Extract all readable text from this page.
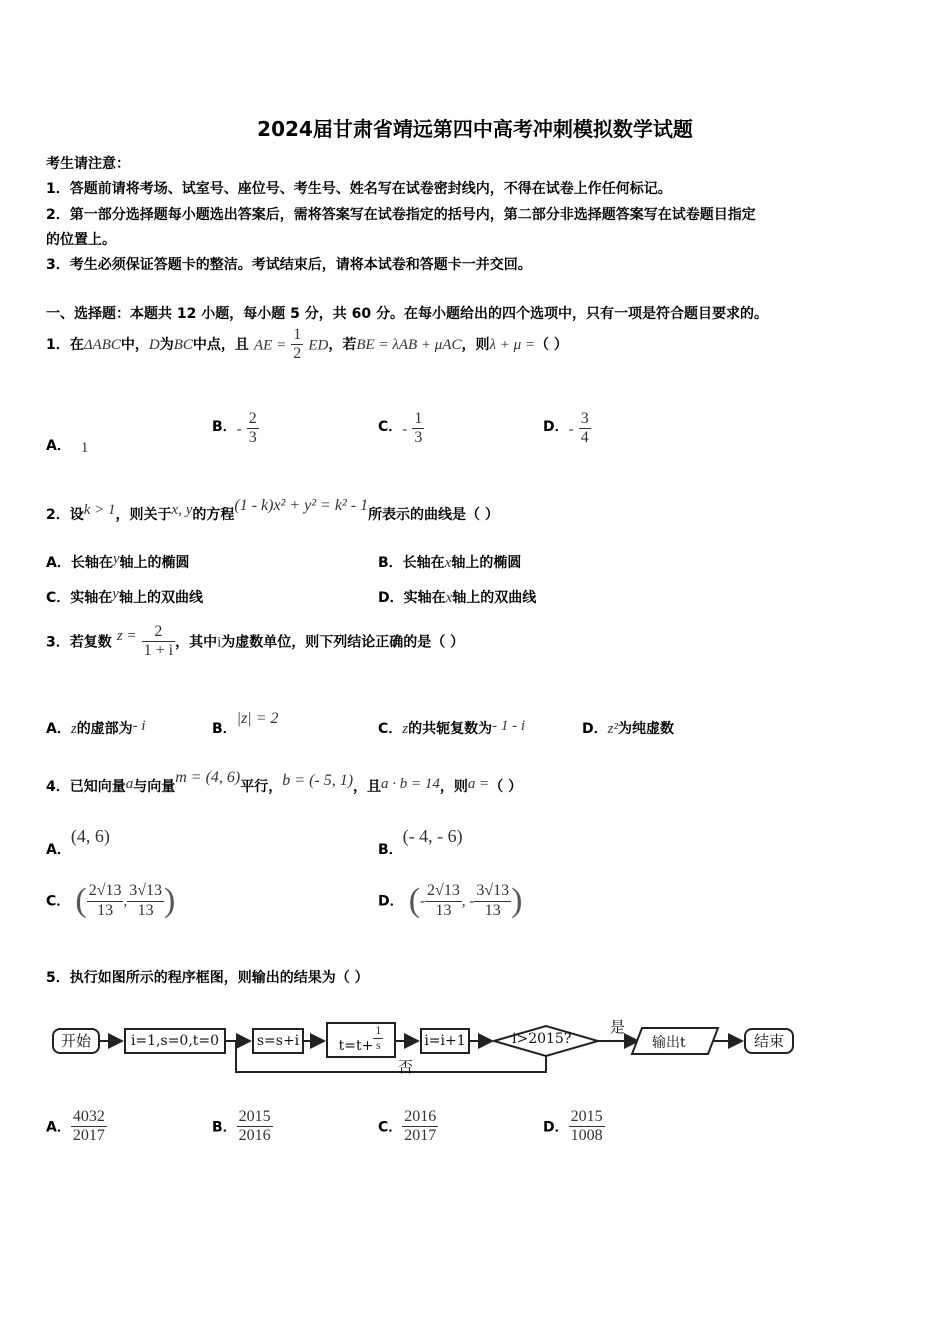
2024届甘肃省靖远第四中高考冲刺模拟数学试题
考生请注意：
1．答题前请将考场、试室号、座位号、考生号、姓名写在试卷密封线内，不得在试卷上作任何标记。
2．第一部分选择题每小题选出答案后，需将答案写在试卷指定的括号内，第二部分非选择题答案写在试卷题目指定
的位置上。
3．考生必须保证答题卡的整洁。考试结束后，请将本试卷和答题卡一并交回。
一、选择题：本题共 12 小题，每小题 5 分，共 60 分。在每小题给出的四个选项中，只有一项是符合题目要求的。
1．在ΔABC中，D为BC中点，且 AE = $\frac{1}{2}$ ED，若BE = λAB + μAC，则λ + μ =（ ）
A． 1
B．- $\frac{2}{3}$	C．- $\frac{1}{3}$	D．- $\frac{3}{4}$
2．设k > 1，则关于x, y的方程(1 - k)x² + y² = k² - 1所表示的曲线是（ ）
A．长轴在y轴上的椭圆	B．长轴在x轴上的椭圆
C．实轴在y轴上的双曲线	D．实轴在x轴上的双曲线
3．若复数 $z = \frac{2}{1 + i}$ ，其中i为虚数单位，则下列结论正确的是（ ）
A．z的虚部为- i	B．|z| = 2
C．z的共轭复数为- 1 - i	D．z²为纯虚数
4．已知向量a与向量m = (4, 6)平行，b = (- 5, 1)，且a · b = 14，则a =（ ）
A．(4, 6)
B．(- 4, - 6)
C． ( $\frac{2√13}{13}$ , $\frac{3√13}{13}$ )	D． (- $\frac{2√13}{13}$ , - $\frac{3√13}{13}$ )
5．执行如图所示的程序框图，则输出的结果为（ ）
开始	i=1,s=0,t=0	s=s+i	$t=t+ \frac{1}{s}$	i=i+1	i>2015?
是
否
输出t	结束
A． $\frac{4032}{2017}$	B． $\frac{2015}{2016}$	C． $\frac{2016}{2017}$	D． $\frac{2015}{1008}$
